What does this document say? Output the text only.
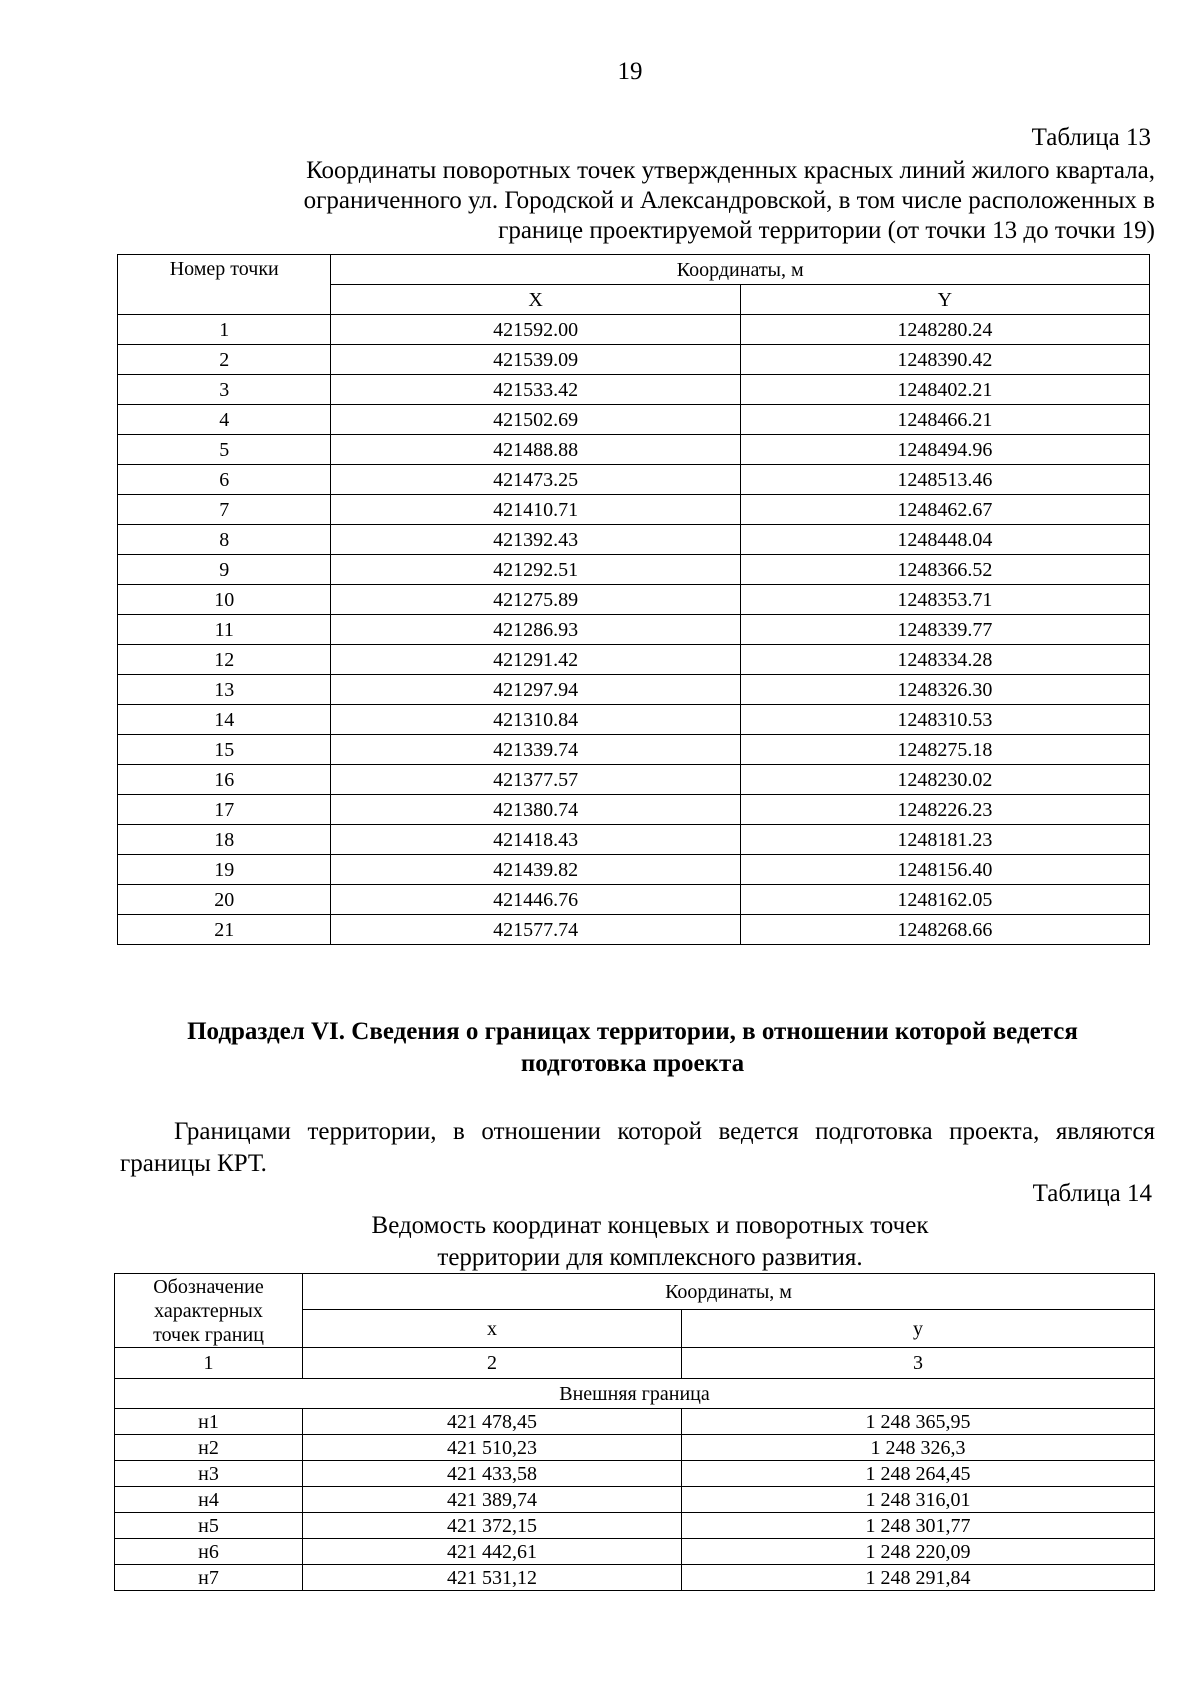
19
Таблица 13
Координаты поворотных точек утвержденных красных линий жилого квартала,
ограниченного ул. Городской и Александровской, в том числе расположенных в
границе проектируемой территории (от точки 13 до точки 19)
Номер точки	Координаты, м	
	X	Y
1	421592.00	1248280.24
2	421539.09	1248390.42
3	421533.42	1248402.21
4	421502.69	1248466.21
5	421488.88	1248494.96
6	421473.25	1248513.46
7	421410.71	1248462.67
8	421392.43	1248448.04
9	421292.51	1248366.52
10	421275.89	1248353.71
11	421286.93	1248339.77
12	421291.42	1248334.28
13	421297.94	1248326.30
14	421310.84	1248310.53
15	421339.74	1248275.18
16	421377.57	1248230.02
17	421380.74	1248226.23
18	421418.43	1248181.23
19	421439.82	1248156.40
20	421446.76	1248162.05
21	421577.74	1248268.66
Подраздел VI. Сведения о границах территории, в отношении которой ведется
подготовка проекта
Границами территории, в отношении которой ведется подготовка проекта, являются границы КРТ.
Таблица 14
Ведомость координат концевых и поворотных точек
территории для комплексного развития.
Обозначение
характерных
точек границ	Координаты, м	
	x	y
1	2	3
Внешняя граница		
н1	421 478,45	1 248 365,95
н2	421 510,23	1 248 326,3
н3	421 433,58	1 248 264,45
н4	421 389,74	1 248 316,01
н5	421 372,15	1 248 301,77
н6	421 442,61	1 248 220,09
н7	421 531,12	1 248 291,84
